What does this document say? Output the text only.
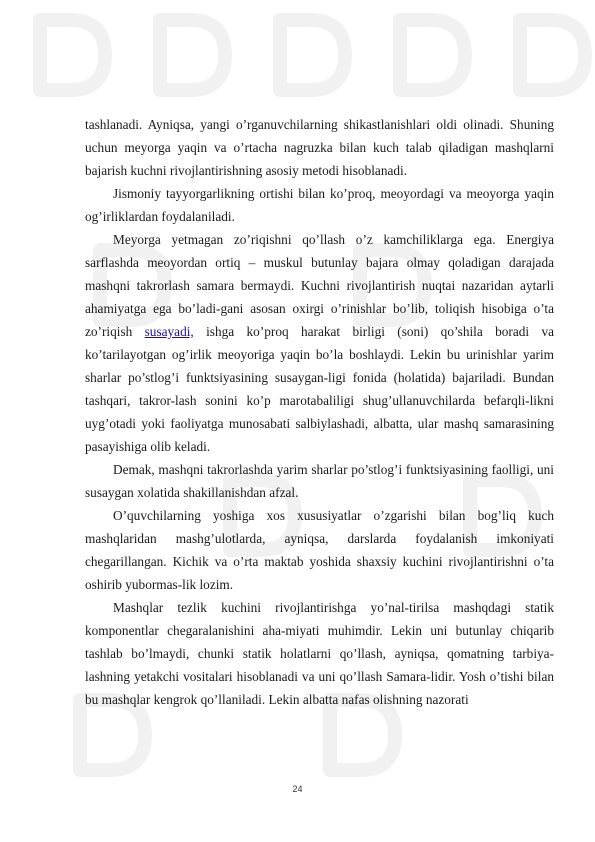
tashlanadi. Ayniqsa, yangi o’rganuvchilarning shikastlanishlari oldi olinadi. Shuning uchun meyorga yaqin va o’rtacha nagruzka bilan kuch talab qiladigan mashqlarni bajarish kuchni rivojlantirishning asosiy metodi hisoblanadi.

Jismoniy tayyorgarlikning ortishi bilan ko’proq, meoyordagi va meoyorga yaqin og’irliklardan foydalaniladi.

Meyorga yetmagan zo’riqishni qo’llash o’z kamchiliklarga ega. Energiya sarflashda meoyordan ortiq – muskul butunlay bajara olmay qoladigan darajada mashqni takrorlash samara bermaydi. Kuchni rivojlantirish nuqtai nazaridan aytarli ahamiyatga ega bo’ladi-gani asosan oxirgi o’rinishlar bo’lib, toliqish hisobiga o’ta zo’riqish susayadi, ishga ko’proq harakat birligi (soni) qo’shila boradi va ko’tarilayotgan og’irlik meoyoriga yaqin bo’la boshlaydi. Lekin bu urinishlar yarim sharlar po’stlog’i funktsiyasining susaygan-ligi fonida (holatida) bajariladi. Bundan tashqari, takror-lash sonini ko’p marotabaliligi shug’ullanuvchilarda befarqli-likni uyg’otadi yoki faoliyatga munosabati salbiylashadi, albatta, ular mashq samarasining pasayishiga olib keladi.

Demak, mashqni takrorlashda yarim sharlar po’stlog’i funktsiyasining faolligi, uni susaygan xolatida shakillanishdan afzal.

O’quvchilarning yoshiga xos xususiyatlar o’zgarishi bilan bog’liq kuch mashqlaridan mashg’ulotlarda, ayniqsa, darslarda foydalanish imkoniyati chegarillangan. Kichik va o’rta maktab yoshida shaxsiy kuchini rivojlantirishni o’ta oshirib yubormas-lik lozim.

Mashqlar tezlik kuchini rivojlantirishga yo’nal-tirilsa mashqdagi statik komponentlar chegaralanishini aha-miyati muhimdir. Lekin uni butunlay chiqarib tashlab bo’lmaydi, chunki statik holatlarni qo’llash, ayniqsa, qomatning tarbiya-lashning yetakchi vositalari hisoblanadi va uni qo’llash Samara-lidir. Yosh o’tishi bilan bu mashqlar kengrok qo’llaniladi. Lekin albatta nafas olishning nazorati

24
